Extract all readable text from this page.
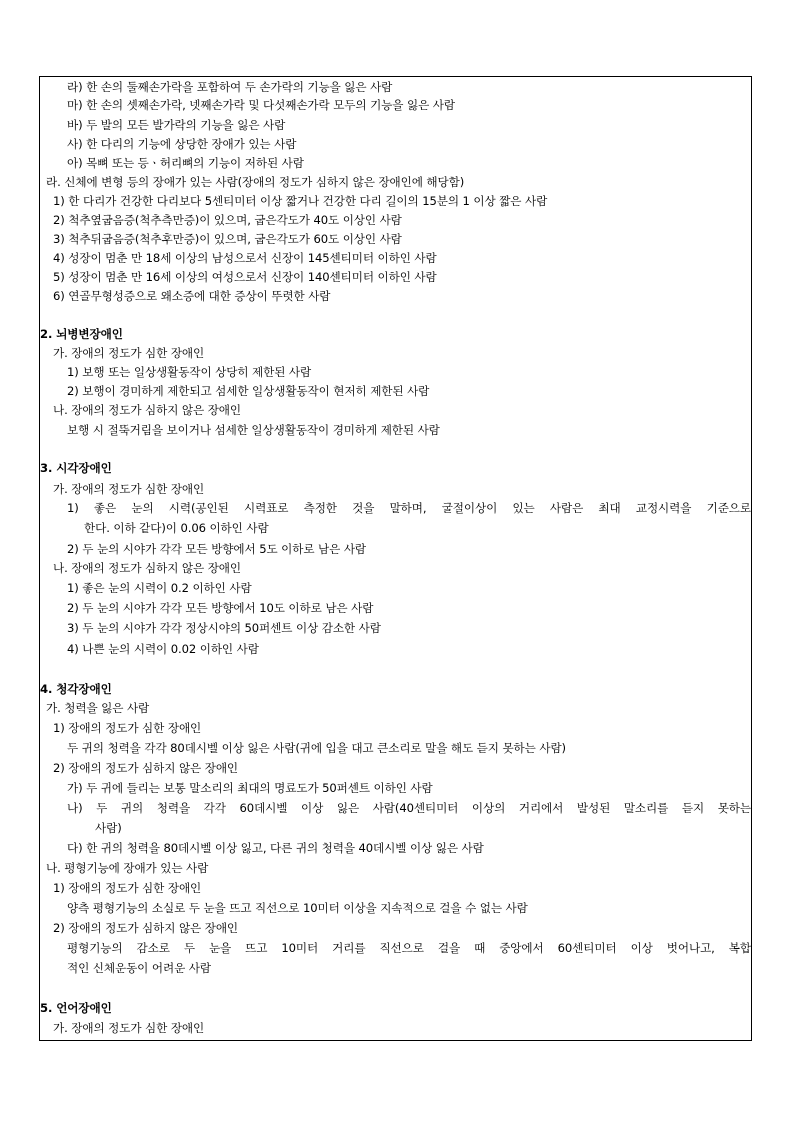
라) 한 손의 둘째손가락을 포함하여 두 손가락의 기능을 잃은 사람
마) 한 손의 셋째손가락, 넷째손가락 및 다섯째손가락 모두의 기능을 잃은 사람
바) 두 발의 모든 발가락의 기능을 잃은 사람
사) 한 다리의 기능에 상당한 장애가 있는 사람
아) 목뼈 또는 등ㆍ허리뼈의 기능이 저하된 사람
라. 신체에 변형 등의 장애가 있는 사람(장애의 정도가 심하지 않은 장애인에 해당함)
1) 한 다리가 건강한 다리보다 5센티미터 이상 짧거나 건강한 다리 길이의 15분의 1 이상 짧은 사람
2) 척추옆굽음증(척추측만증)이 있으며, 굽은각도가 40도 이상인 사람
3) 척추뒤굽음증(척추후만증)이 있으며, 굽은각도가 60도 이상인 사람
4) 성장이 멈춘 만 18세 이상의 남성으로서 신장이 145센티미터 이하인 사람
5) 성장이 멈춘 만 16세 이상의 여성으로서 신장이 140센티미터 이하인 사람
6) 연골무형성증으로 왜소증에 대한 증상이 뚜렷한 사람
2. 뇌병변장애인
가. 장애의 정도가 심한 장애인
1) 보행 또는 일상생활동작이 상당히 제한된 사람
2) 보행이 경미하게 제한되고 섬세한 일상생활동작이 현저히 제한된 사람
나. 장애의 정도가 심하지 않은 장애인
보행 시 절뚝거림을 보이거나 섬세한 일상생활동작이 경미하게 제한된 사람
3. 시각장애인
가. 장애의 정도가 심한 장애인
1) 좋은 눈의 시력(공인된 시력표로 측정한 것을 말하며, 굴절이상이 있는 사람은 최대 교정시력을 기준으로
한다. 이하 같다)이 0.06 이하인 사람
2) 두 눈의 시야가 각각 모든 방향에서 5도 이하로 남은 사람
나. 장애의 정도가 심하지 않은 장애인
1) 좋은 눈의 시력이 0.2 이하인 사람
2) 두 눈의 시야가 각각 모든 방향에서 10도 이하로 남은 사람
3) 두 눈의 시야가 각각 정상시야의 50퍼센트 이상 감소한 사람
4) 나쁜 눈의 시력이 0.02 이하인 사람
4. 청각장애인
가. 청력을 잃은 사람
1) 장애의 정도가 심한 장애인
두 귀의 청력을 각각 80데시벨 이상 잃은 사람(귀에 입을 대고 큰소리로 말을 해도 듣지 못하는 사람)
2) 장애의 정도가 심하지 않은 장애인
가) 두 귀에 들리는 보통 말소리의 최대의 명료도가 50퍼센트 이하인 사람
나) 두 귀의 청력을 각각 60데시벨 이상 잃은 사람(40센티미터 이상의 거리에서 발성된 말소리를 듣지 못하는
사람)
다) 한 귀의 청력을 80데시벨 이상 잃고, 다른 귀의 청력을 40데시벨 이상 잃은 사람
나. 평형기능에 장애가 있는 사람
1) 장애의 정도가 심한 장애인
양측 평형기능의 소실로 두 눈을 뜨고 직선으로 10미터 이상을 지속적으로 걸을 수 없는 사람
2) 장애의 정도가 심하지 않은 장애인
평형기능의 감소로 두 눈을 뜨고 10미터 거리를 직선으로 걸을 때 중앙에서 60센티미터 이상 벗어나고, 복합
적인 신체운동이 어려운 사람
5. 언어장애인
가. 장애의 정도가 심한 장애인
